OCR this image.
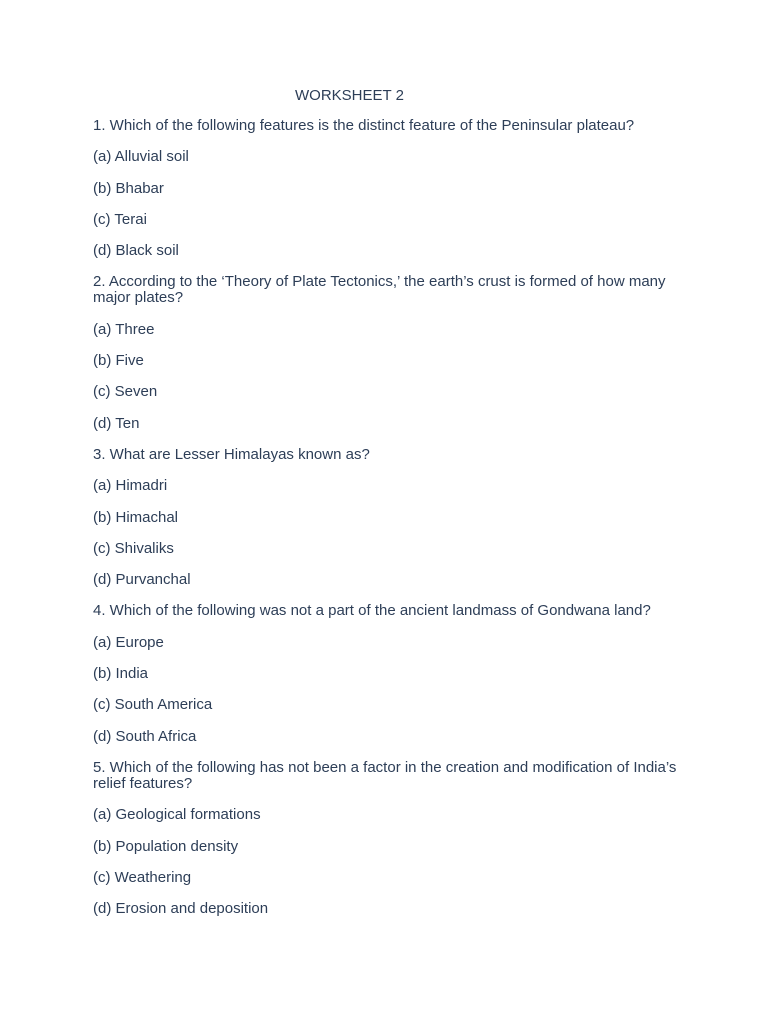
WORKSHEET 2

1. Which of the following features is the distinct feature of the Peninsular plateau?

(a) Alluvial soil

(b) Bhabar

(c) Terai

(d) Black soil

2. According to the ‘Theory of Plate Tectonics,’ the earth’s crust is formed of how many major plates?

(a) Three

(b) Five

(c) Seven

(d) Ten

3. What are Lesser Himalayas known as?

(a) Himadri

(b) Himachal

(c) Shivaliks

(d) Purvanchal

4. Which of the following was not a part of the ancient landmass of Gondwana land?

(a) Europe

(b) India

(c) South America

(d) South Africa

5. Which of the following has not been a factor in the creation and modification of India’s relief features?

(a) Geological formations

(b) Population density

(c) Weathering

(d) Erosion and deposition
